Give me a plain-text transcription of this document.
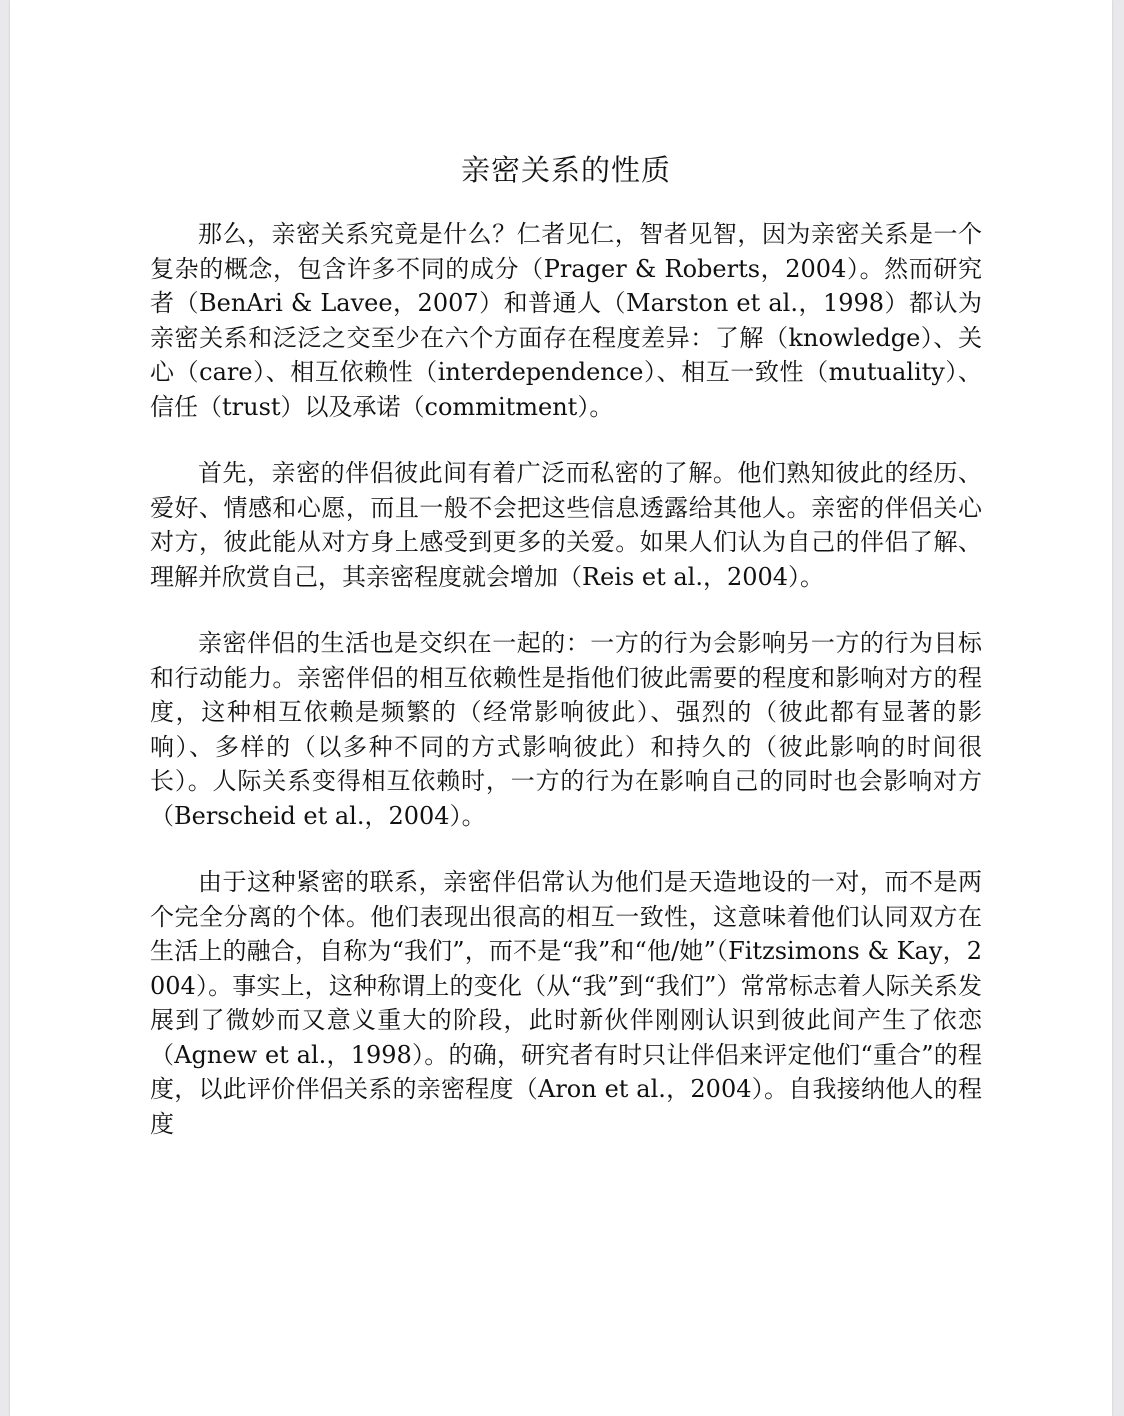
亲密关系的性质

那么，亲密关系究竟是什么？仁者见仁，智者见智，因为亲密关系是一个复杂的概念，包含许多不同的成分（Prager & Roberts，2004）。然而研究者（BenAri & Lavee，2007）和普通人（Marston et al.，1998）都认为亲密关系和泛泛之交至少在六个方面存在程度差异：了解（knowledge）、关心（care）、相互依赖性（interdependence）、相互一致性（mutuality）、信任（trust）以及承诺（commitment）。

首先，亲密的伴侣彼此间有着广泛而私密的了解。他们熟知彼此的经历、爱好、情感和心愿，而且一般不会把这些信息透露给其他人。亲密的伴侣关心对方，彼此能从对方身上感受到更多的关爱。如果人们认为自己的伴侣了解、理解并欣赏自己，其亲密程度就会增加（Reis et al.，2004）。

亲密伴侣的生活也是交织在一起的：一方的行为会影响另一方的行为目标和行动能力。亲密伴侣的相互依赖性是指他们彼此需要的程度和影响对方的程度，这种相互依赖是频繁的（经常影响彼此）、强烈的（彼此都有显著的影响）、多样的（以多种不同的方式影响彼此）和持久的（彼此影响的时间很长）。人际关系变得相互依赖时，一方的行为在影响自己的同时也会影响对方（Berscheid et al.，2004）。

由于这种紧密的联系，亲密伴侣常认为他们是天造地设的一对，而不是两个完全分离的个体。他们表现出很高的相互一致性，这意味着他们认同双方在生活上的融合，自称为“我们”，而不是“我”和“他/她”（Fitzsimons & Kay，2004）。事实上，这种称谓上的变化（从“我”到“我们”）常常标志着人际关系发展到了微妙而又意义重大的阶段，此时新伙伴刚刚认识到彼此间产生了依恋（Agnew et al.，1998）。的确，研究者有时只让伴侣来评定他们“重合”的程度，以此评价伴侣关系的亲密程度（Aron et al.，2004）。自我接纳他人的程度
